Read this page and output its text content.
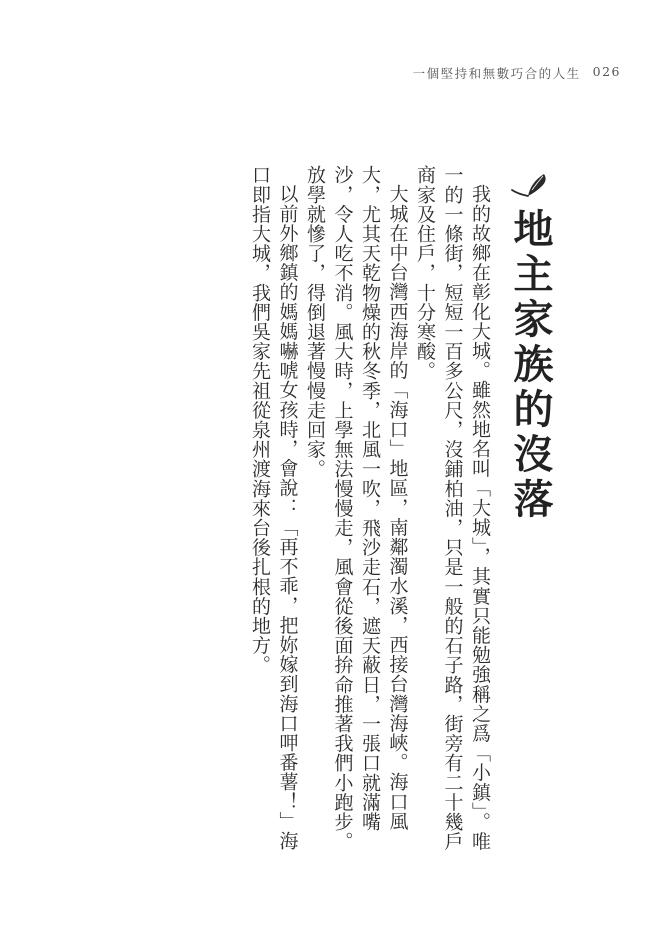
一個堅持和無數巧合的人生 026
地主家族的沒落

我的故鄉在彰化大城。雖然地名叫「大城」，其實只能勉強稱之爲「小鎮」。唯一的一條街，短短一百多公尺，沒鋪柏油，只是一般的石子路，街旁有二十幾戶商家及住戶，十分寒酸。

大城在中台灣西海岸的「海口」地區，南鄰濁水溪，西接台灣海峽。海口風大，尤其天乾物燥的秋冬季，北風一吹，飛沙走石，遮天蔽日，一張口就滿嘴沙，令人吃不消。風大時，上學無法慢慢走，風會從後面拚命推著我們小跑步。放學就慘了，得倒退著慢慢走回家。

以前外鄉鎮的媽媽嚇唬女孩時，會說：「再不乖，把妳嫁到海口呷番薯！」海口即指大城，我們吳家先祖從泉州渡海來台後扎根的地方。
